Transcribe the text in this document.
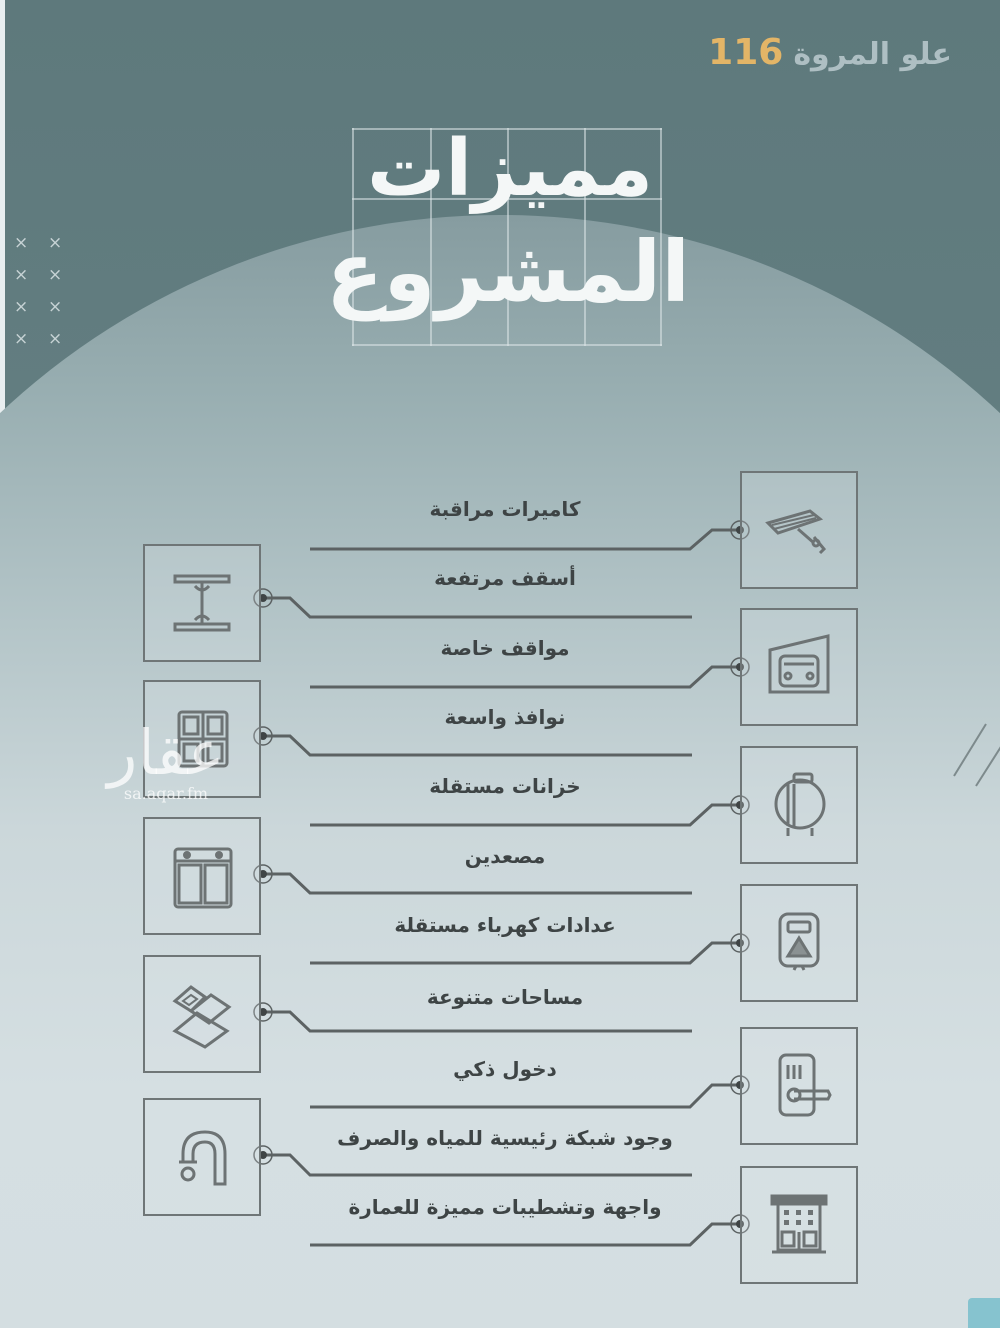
علو المروة
116
مميزات
المشروع
×	×
×	×
×	×
×	×
كاميرات مراقبة
أسقف مرتفعة
مواقف خاصة
نوافذ واسعة
خزانات مستقلة
مصعدين
عدادات كهرباء مستقلة
مساحات متنوعة
دخول ذكي
وجود شبكة رئيسية للمياه والصرف
واجهة وتشطيبات مميزة للعمارة
عقار
sa.aqar.fm
